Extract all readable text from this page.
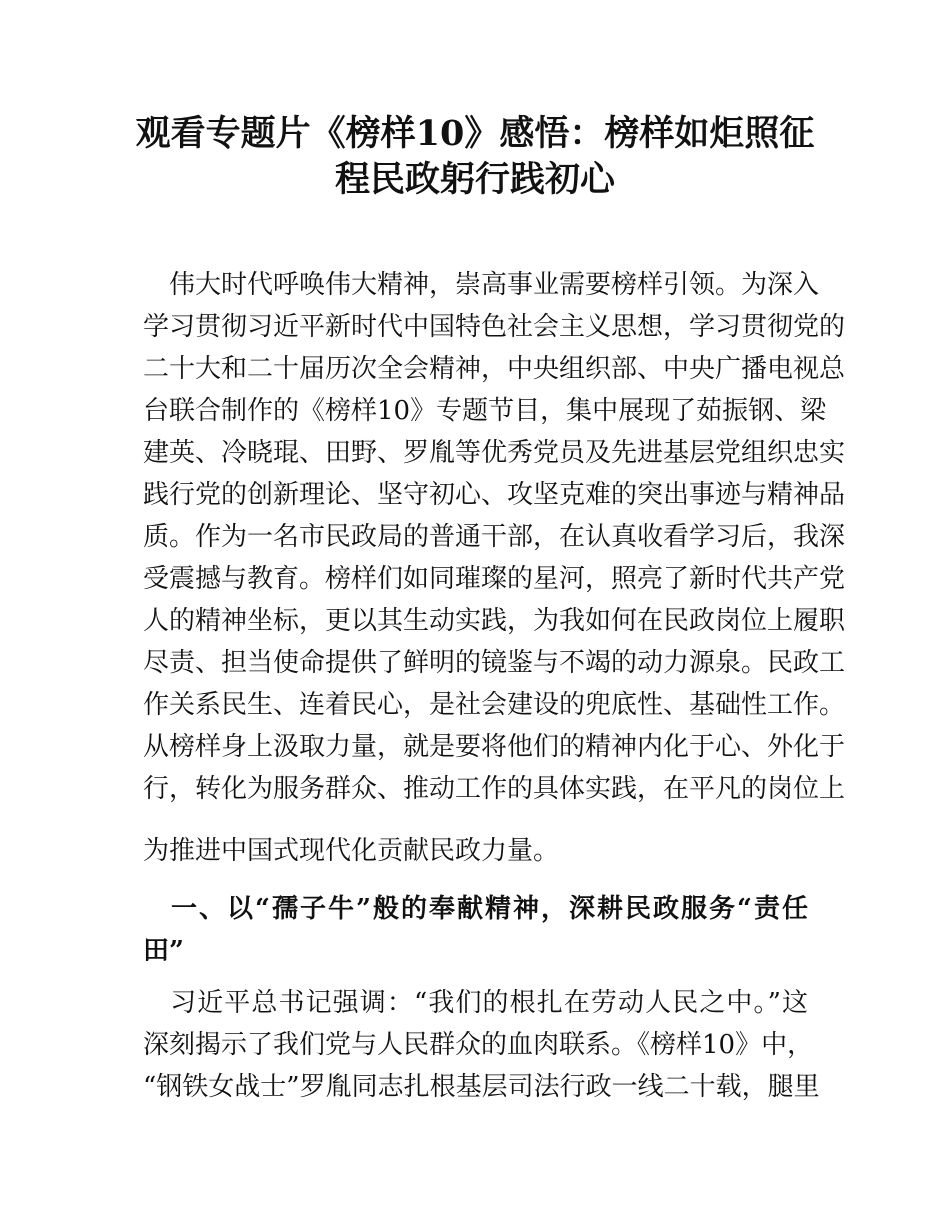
观看专题片《榜样10》感悟：榜样如炬照征
程民政躬行践初心
　伟大时代呼唤伟大精神，崇高事业需要榜样引领。为深入
学习贯彻习近平新时代中国特色社会主义思想，学习贯彻党的
二十大和二十届历次全会精神，中央组织部、中央广播电视总
台联合制作的《榜样10》专题节目，集中展现了茹振钢、梁
建英、冷晓琨、田野、罗胤等优秀党员及先进基层党组织忠实
践行党的创新理论、坚守初心、攻坚克难的突出事迹与精神品
质。作为一名市民政局的普通干部，在认真收看学习后，我深
受震撼与教育。榜样们如同璀璨的星河，照亮了新时代共产党
人的精神坐标，更以其生动实践，为我如何在民政岗位上履职
尽责、担当使命提供了鲜明的镜鉴与不竭的动力源泉。民政工
作关系民生、连着民心，是社会建设的兜底性、基础性工作。
从榜样身上汲取力量，就是要将他们的精神内化于心、外化于
行，转化为服务群众、推动工作的具体实践，在平凡的岗位上
为推进中国式现代化贡献民政力量。
　一、以“孺子牛”般的奉献精神，深耕民政服务“责任
田”
　习近平总书记强调：“我们的根扎在劳动人民之中。”这
深刻揭示了我们党与人民群众的血肉联系。《榜样10》中，
“钢铁女战士”罗胤同志扎根基层司法行政一线二十载，腿里
